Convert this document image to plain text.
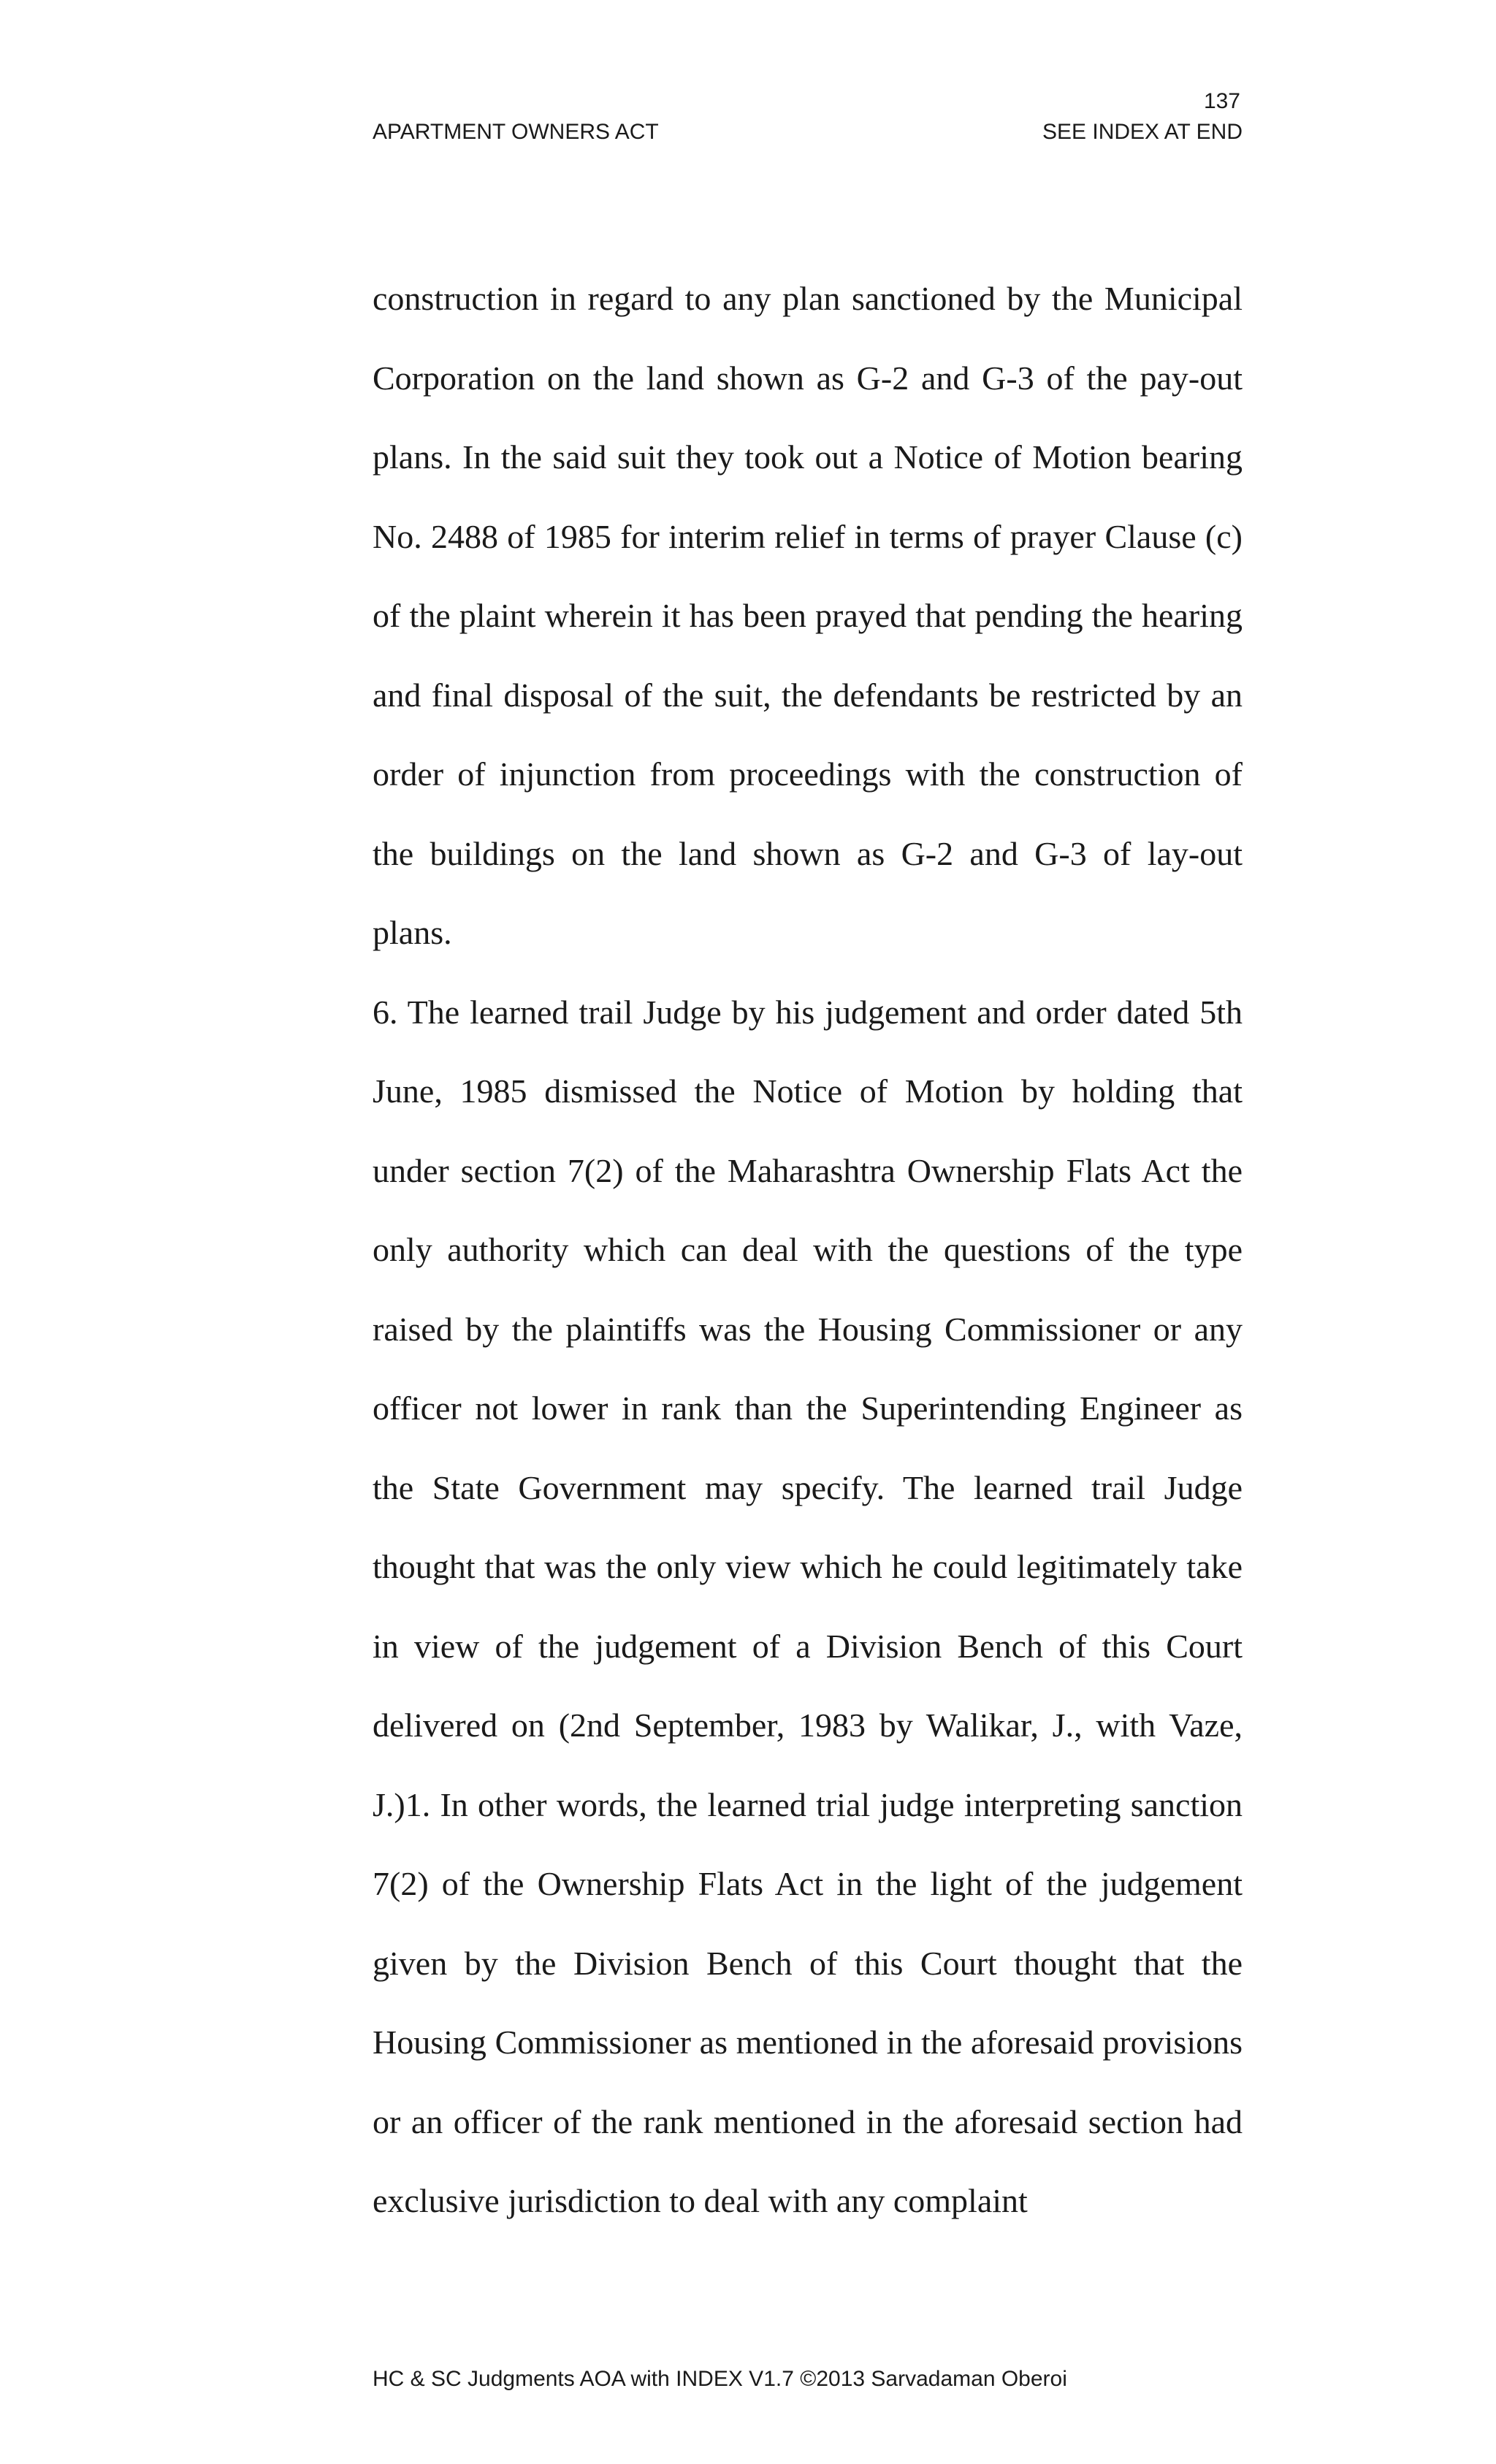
137
APARTMENT OWNERS ACT	SEE INDEX AT END

construction in regard to any plan sanctioned by the Municipal Corporation on the land shown as G-2 and G-3 of the pay-out plans. In the said suit they took out a Notice of Motion bearing No. 2488 of 1985 for interim relief in terms of prayer Clause (c) of the plaint wherein it has been prayed that pending the hearing and final disposal of the suit, the defendants be restricted by an order of injunction from proceedings with the construction of the buildings on the land shown as G-2 and G-3 of lay-out plans.

6. The learned trail Judge by his judgement and order dated 5th June, 1985 dismissed the Notice of Motion by holding that under section 7(2) of the Maharashtra Ownership Flats Act the only authority which can deal with the questions of the type raised by the plaintiffs was the Housing Commissioner or any officer not lower in rank than the Superintending Engineer as the State Government may specify. The learned trail Judge thought that was the only view which he could legitimately take in view of the judgement of a Division Bench of this Court delivered on (2nd September, 1983 by Walikar, J., with Vaze, J.)1. In other words, the learned trial judge interpreting sanction 7(2) of the Ownership Flats Act in the light of the judgement given by the Division Bench of this Court thought that the Housing Commissioner as mentioned in the aforesaid provisions or an officer of the rank mentioned in the aforesaid section had exclusive jurisdiction to deal with any complaint

HC & SC Judgments AOA with INDEX V1.7 ©2013 Sarvadaman Oberoi
